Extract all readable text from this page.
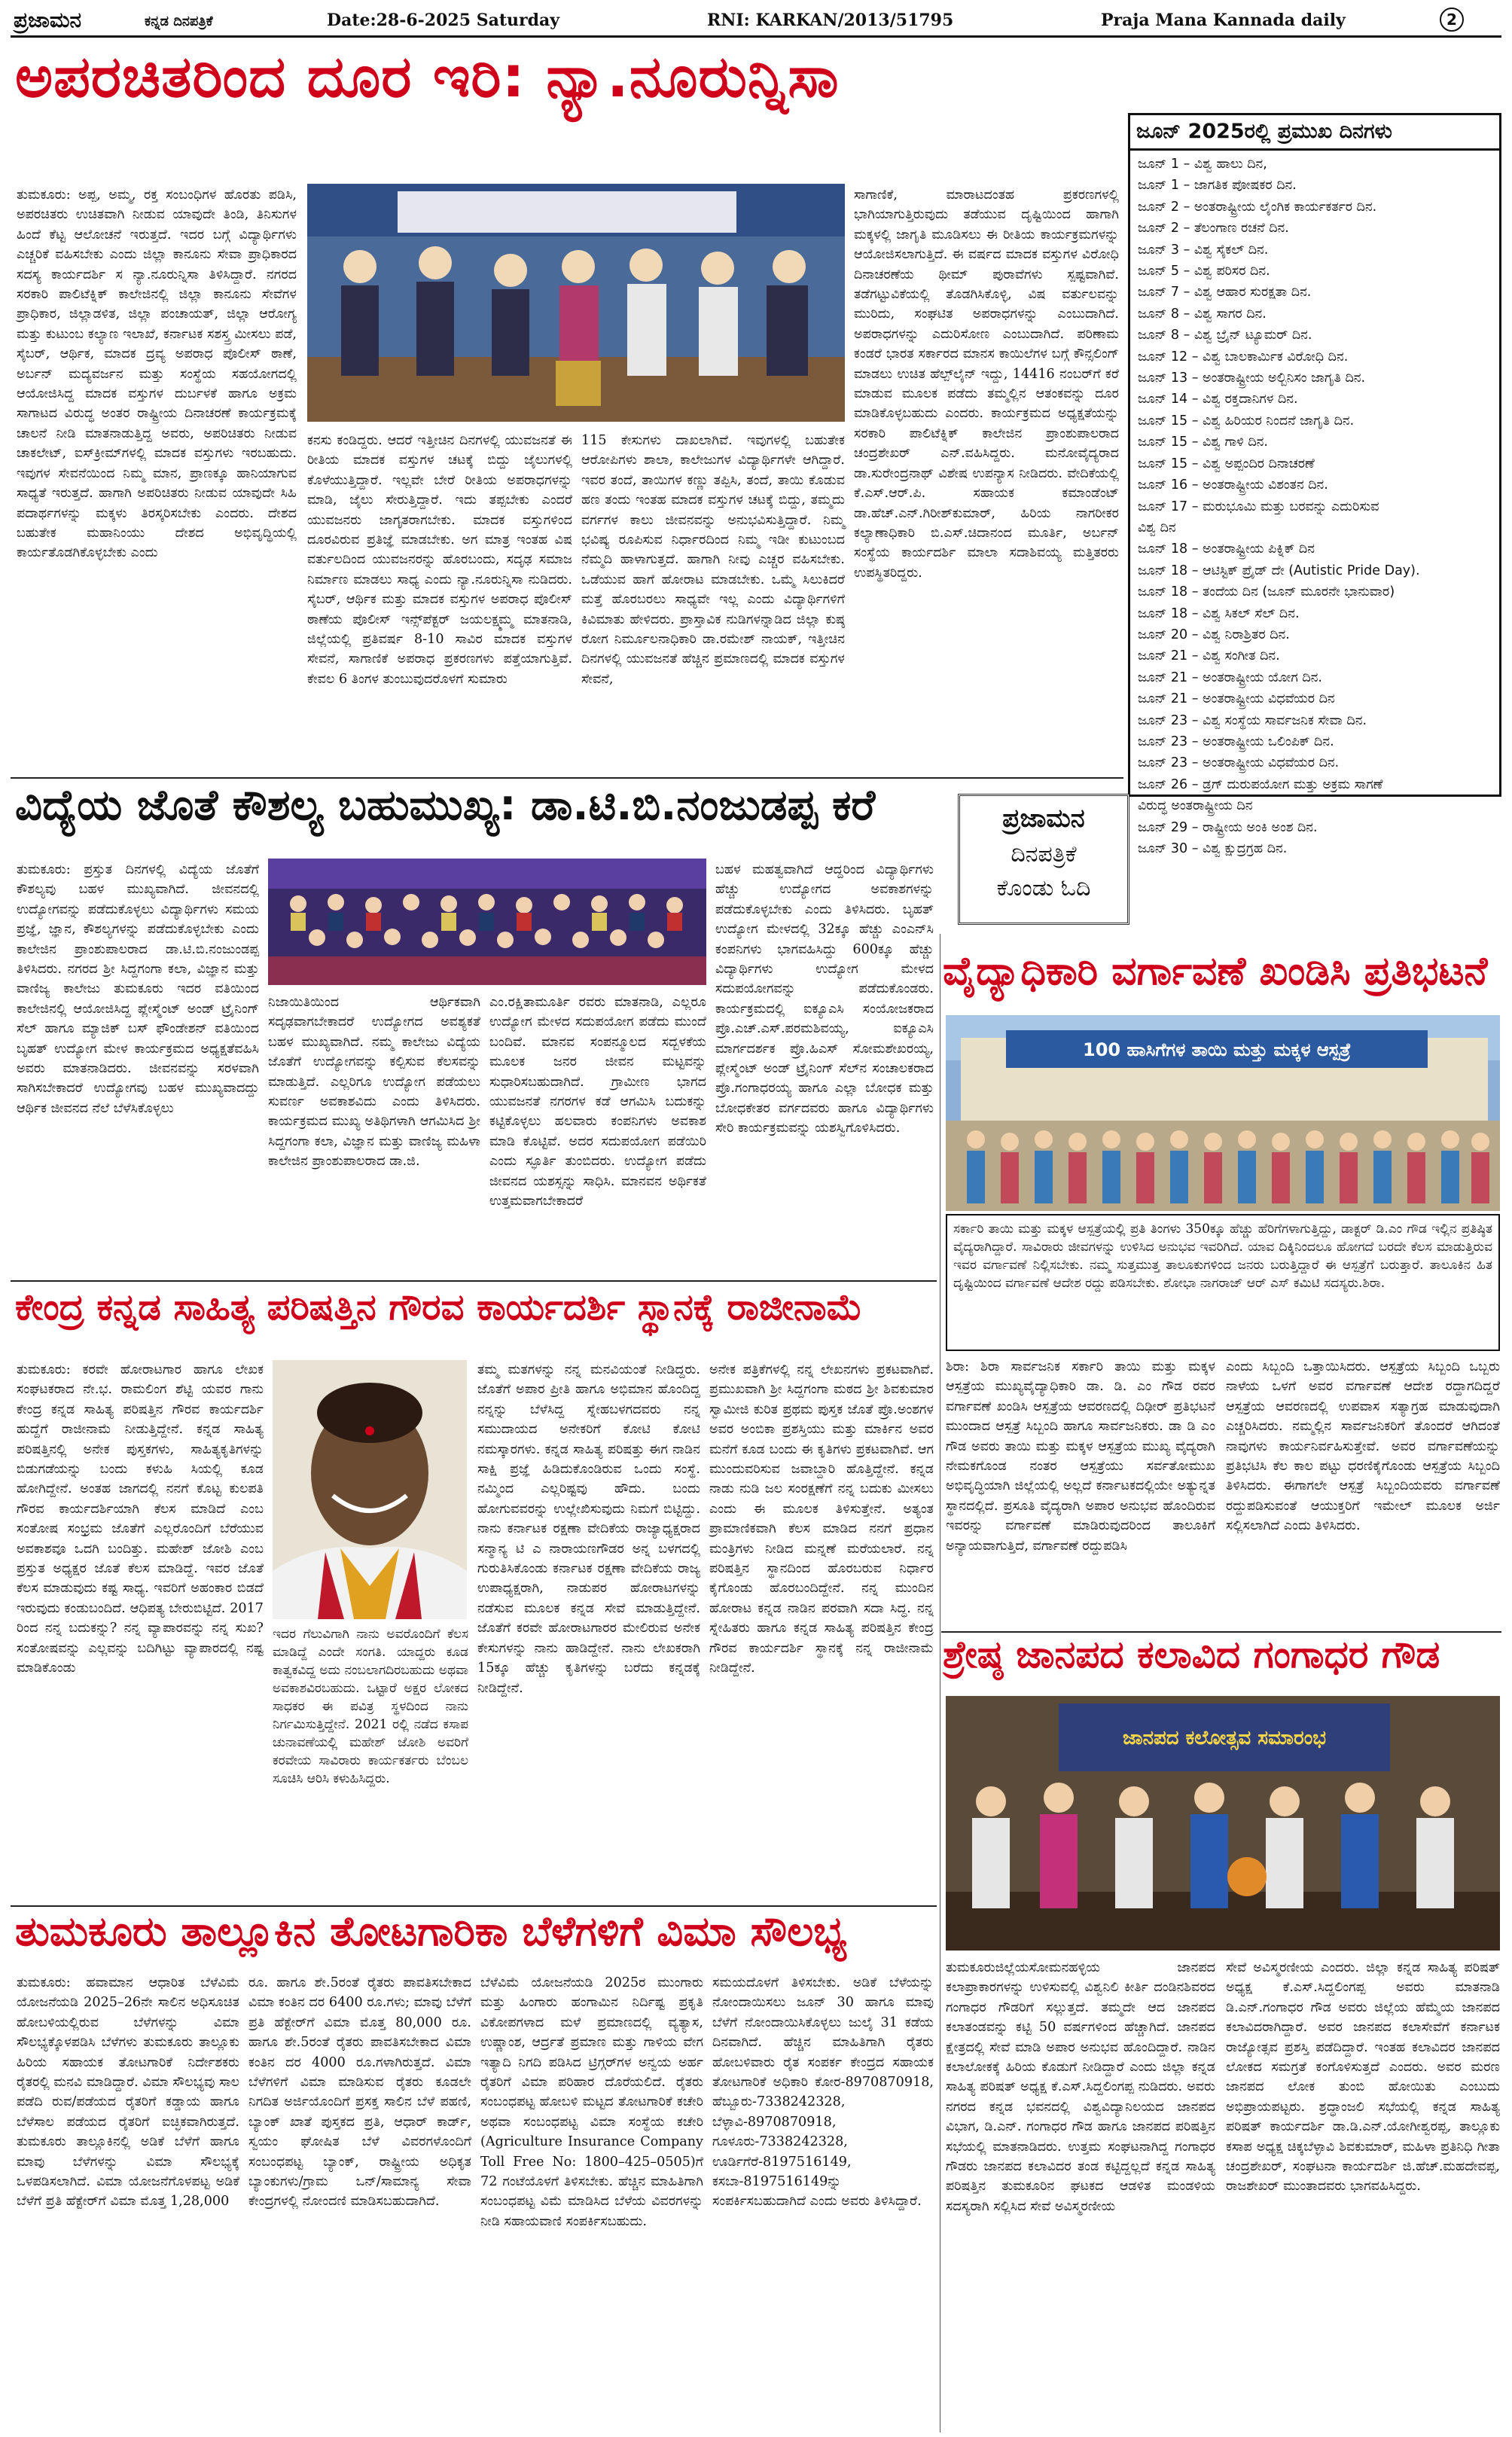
ಪ್ರಜಾಮನ	ಕನ್ನಡ ದಿನಪತ್ರಿಕೆ	Date:28-6-2025 Saturday	RNI: KARKAN/2013/51795	Praja Mana Kannada daily	2
ಅಪರಚಿತರಿಂದ ದೂರ ಇರಿ: ನ್ಯಾ.ನೂರುನ್ನಿಸಾ

ತುಮಕೂರು: ಅಪ್ಪ, ಅಮ್ಮ, ರಕ್ತ ಸಂಬಂಧಿಗಳ ಹೊರತು ಪಡಿಸಿ, ಅಪರಚಿತರು ಉಚಿತವಾಗಿ ನೀಡುವ ಯಾವುದೇ ತಿಂಡಿ, ತಿನಿಸುಗಳ ಹಿಂದೆ ಕೆಟ್ಟ ಆಲೋಚನೆ ಇರುತ್ತದೆ. ಇದರ ಬಗ್ಗೆ ವಿದ್ಯಾರ್ಥಿಗಳು ಎಚ್ಚರಿಕೆ ವಹಿಸಬೇಕು ಎಂದು ಜಿಲ್ಲಾ ಕಾನೂನು ಸೇವಾ ಪ್ರಾಧಿಕಾರದ ಸದಸ್ಯ ಕಾರ್ಯದರ್ಶಿ ಸ ನ್ಯಾ.ನೂರುನ್ನಿಸಾ ತಿಳಿಸಿದ್ದಾರೆ. ನಗರದ ಸರಕಾರಿ ಪಾಲಿಟೆಕ್ನಿಕ್ ಕಾಲೇಜಿನಲ್ಲಿ ಜಿಲ್ಲಾ ಕಾನೂನು ಸೇವೆಗಳ ಪ್ರಾಧಿಕಾರ, ಜಿಲ್ಲಾಡಳಿತ, ಜಿಲ್ಲಾ ಪಂಚಾಯತ್, ಜಿಲ್ಲಾ ಆರೋಗ್ಯ ಮತ್ತು ಕುಟುಂಬ ಕಲ್ಯಾಣ ಇಲಾಖೆ, ಕರ್ನಾಟಕ ಸಶಸ್ತ್ರ ಮೀಸಲು ಪಡೆ, ಸೈಬರ್, ಆರ್ಥಿಕ, ಮಾದಕ ದ್ರವ್ಯ ಅಪರಾಧ ಪೊಲೀಸ್ ಠಾಣೆ, ಅರ್ಬನ್ ಮದ್ಯವರ್ಜನ ಮತ್ತು ಸಂಸ್ಥೆಯ ಸಹಯೋಗದಲ್ಲಿ ಆಯೋಜಿಸಿದ್ದ ಮಾದಕ ವಸ್ತುಗಳ ದುರ್ಬಳಕೆ ಹಾಗೂ ಅಕ್ರಮ ಸಾಗಾಟದ ವಿರುದ್ಧ ಅಂತರ ರಾಷ್ಟ್ರೀಯ ದಿನಾಚರಣೆ ಕಾರ್ಯಕ್ರಮಕ್ಕೆ ಚಾಲನೆ ನೀಡಿ ಮಾತನಾಡುತ್ತಿದ್ದ ಅವರು, ಅಪರಿಚಿತರು ನೀಡುವ ಚಾಕಲೇಟ್, ಐಸ್‌ಕ್ರೀಮ್‌ಗಳಲ್ಲಿ ಮಾದಕ ವಸ್ತುಗಳು ಇರಬಹುದು. ಇವುಗಳ ಸೇವನೆಯಿಂದ ನಿಮ್ಮ ಮಾನ, ಪ್ರಾಣಕ್ಕೂ ಹಾನಿಯಾಗುವ ಸಾಧ್ಯತೆ ಇರುತ್ತದೆ. ಹಾಗಾಗಿ ಅಪರಿಚಿತರು ನೀಡುವ ಯಾವುದೇ ಸಿಹಿ ಪದಾರ್ಥಗಳನ್ನು ಮಕ್ಕಳು ತಿರಸ್ಕರಿಸಬೇಕು ಎಂದರು. ದೇಶದ ಬಹುತೇಕ ಮಹಾನಿಂಯು ದೇಶದ ಅಭಿವೃದ್ಧಿಯಲ್ಲಿ ಕಾರ್ಯತೊಡಗಿಕೊಳ್ಳಬೇಕು ಎಂದು

ಕನಸು ಕಂಡಿದ್ದರು. ಆದರೆ ಇತ್ತೀಚಿನ ದಿನಗಳಲ್ಲಿ ಯುವಜನತೆ ಈ ರೀತಿಯ ಮಾದಕ ವಸ್ತುಗಳ ಚಟಕ್ಕೆ ಬಿದ್ದು ಜೈಲುಗಳಲ್ಲಿ ಕೊಳೆಯುತ್ತಿದ್ದಾರೆ. ಇಲ್ಲವೇ ಬೇರೆ ರೀತಿಯ ಅಪರಾಧಗಳನ್ನು ಮಾಡಿ, ಜೈಲು ಸೇರುತ್ತಿದ್ದಾರೆ. ಇದು ತಪ್ಪಬೇಕು ಎಂದರೆ ಯುವಜನರು ಜಾಗೃತರಾಗಬೇಕು. ಮಾದಕ ವಸ್ತುಗಳಿಂದ ದೂರವಿರುವ ಪ್ರತಿಜ್ಞೆ ಮಾಡಬೇಕು. ಅಗ ಮಾತ್ರ ಇಂತಹ ವಿಷ ವರ್ತುಲದಿಂದ ಯುವಜನರನ್ನು ಹೊರಬಂದು, ಸದೃಢ ಸಮಾಜ ನಿರ್ಮಾಣ ಮಾಡಲು ಸಾಧ್ಯ ಎಂದು ನ್ಯಾ.ನೂರುನ್ನಿಸಾ ನುಡಿದರು. ಸೈಬರ್, ಆರ್ಥಿಕ ಮತ್ತು ಮಾದಕ ವಸ್ತುಗಳ ಅಪರಾಧ ಪೊಲೀಸ್ ಠಾಣೆಯ ಪೊಲೀಸ್ ಇನ್ಸ್‌ಪೆಕ್ಟರ್ ಜಯಲಕ್ಷ್ಮಮ್ಮ ಮಾತನಾಡಿ, ಜಿಲ್ಲೆಯಲ್ಲಿ ಪ್ರತಿವರ್ಷ 8-10 ಸಾವಿರ ಮಾದಕ ವಸ್ತುಗಳ ಸೇವನೆ, ಸಾಗಾಣಿಕೆ ಅಪರಾಧ ಪ್ರಕರಣಗಳು ಪತ್ತೆಯಾಗುತ್ತಿವೆ. ಕೇವಲ 6 ತಿಂಗಳ ತುಂಬುವುದರೊಳಗೆ ಸುಮಾರು

115 ಕೇಸುಗಳು ದಾಖಲಾಗಿವೆ. ಇವುಗಳಲ್ಲಿ ಬಹುತೇಕ ಆರೋಪಿಗಳು ಶಾಲಾ, ಕಾಲೇಜುಗಳ ವಿದ್ಯಾರ್ಥಿಗಳೇ ಆಗಿದ್ದಾರೆ. ಇವರ ತಂದೆ, ತಾಯಿಗಳ ಕಣ್ಣು ತಪ್ಪಿಸಿ, ತಂದೆ, ತಾಯಿ ಕೊಡುವ ಹಣ ತಂದು ಇಂತಹ ಮಾದಕ ವಸ್ತುಗಳ ಚಟಕ್ಕೆ ಬಿದ್ದು, ತಮ್ಮದು ವರ್ಗಗಳ ಕಾಲು ಜೀವನವನ್ನು ಅನುಭವಿಸುತ್ತಿದ್ದಾರೆ. ನಿಮ್ಮ ಭವಿಷ್ಯ ರೂಪಿಸುವ ನಿರ್ಧಾರದಿಂದ ನಿಮ್ಮ ಇಡೀ ಕುಟುಂಬದ ನೆಮ್ಮದಿ ಹಾಳಾಗುತ್ತದೆ. ಹಾಗಾಗಿ ನೀವು ಎಚ್ಚರ ವಹಿಸಬೇಕು. ಒಡೆಯುವ ಹಾಗೆ ಹೋರಾಟ ಮಾಡಬೇಕು. ಒಮ್ಮೆ ಸಿಲುಕಿದರೆ ಮತ್ತೆ ಹೊರಬರಲು ಸಾಧ್ಯವೇ ಇಲ್ಲ ಎಂದು ವಿದ್ಯಾರ್ಥಿಗಳಿಗೆ ಕಿವಿಮಾತು ಹೇಳಿದರು. ಪ್ರಾಸ್ತಾವಿಕ ನುಡಿಗಳನ್ನಾಡಿದ ಜಿಲ್ಲಾ ಕುಷ್ಠ ರೋಗ ನಿರ್ಮೂಲನಾಧಿಕಾರಿ ಡಾ.ರಮೇಶ್ ನಾಯಕ್, ಇತ್ತೀಚಿನ ದಿನಗಳಲ್ಲಿ ಯುವಜನತೆ ಹೆಚ್ಚಿನ ಪ್ರಮಾಣದಲ್ಲಿ ಮಾದಕ ವಸ್ತುಗಳ ಸೇವನೆ,

ಸಾಗಾಣಿಕೆ, ಮಾರಾಟದಂತಹ ಪ್ರಕರಣಗಳಲ್ಲಿ ಭಾಗಿಯಾಗುತ್ತಿರುವುದು ತಡೆಯುವ ದೃಷ್ಟಿಯಿಂದ ಹಾಗಾಗಿ ಮಕ್ಕಳಲ್ಲಿ ಜಾಗೃತಿ ಮೂಡಿಸಲು ಈ ರೀತಿಯ ಕಾರ್ಯಕ್ರಮಗಳನ್ನು ಆಯೋಜಿಸಲಾಗುತ್ತಿದೆ. ಈ ವರ್ಷದ ಮಾದಕ ವಸ್ತುಗಳ ವಿರೋಧಿ ದಿನಾಚರಣೆಯ ಥೀಮ್ ಪುರಾವೆಗಳು ಸ್ಪಷ್ಟವಾಗಿವೆ. ತಡೆಗಟ್ಟುವಿಕೆಯಲ್ಲಿ ತೊಡಗಿಸಿಕೊಳ್ಳಿ, ವಿಷ ವರ್ತುಲವನ್ನು ಮುರಿದು, ಸಂಘಟಿತ ಅಪರಾಧಗಳನ್ನು ಎಂಬುದಾಗಿದೆ. ಅಪರಾಧಗಳನ್ನು ಎದುರಿಸೋಣ ಎಂಬುದಾಗಿದೆ. ಪರಿಣಾಮ ಕಂಡರೆ ಭಾರತ ಸರ್ಕಾರದ ಮಾನಸ ಕಾಯಿಲೆಗಳ ಬಗ್ಗೆ ಕೌನ್ಸಲಿಂಗ್ ಮಾಡಲು ಉಚಿತ ಹೆಲ್ಪ್‌ಲೈನ್ ಇದ್ದು, 14416 ನಂಬರ್‌ಗೆ ಕರೆ ಮಾಡುವ ಮೂಲಕ ಪಡೆದು ತಮ್ಮಲ್ಲಿನ ಆತಂಕವನ್ನು ದೂರ ಮಾಡಿಕೊಳ್ಳಬಹುದು ಎಂದರು. ಕಾರ್ಯಕ್ರಮದ ಅಧ್ಯಕ್ಷತೆಯನ್ನು ಸರಕಾರಿ ಪಾಲಿಟೆಕ್ನಿಕ್ ಕಾಲೇಜಿನ ಪ್ರಾಂಶುಪಾಲರಾದ ಚಂದ್ರಶೇಖರ್ ಎನ್.ವಹಿಸಿದ್ದರು. ಮನೋವೈದ್ಯರಾದ ಡಾ.ಸುರೇಂದ್ರನಾಥ್ ವಿಶೇಷ ಉಪನ್ಯಾಸ ನೀಡಿದರು. ವೇದಿಕೆಯಲ್ಲಿ ಕೆ.ಎಸ್.ಆರ್.ಪಿ. ಸಹಾಯಕ ಕಮಾಂಡೆಂಟ್ ಡಾ.ಹೆಚ್.ಎನ್.ಗಿರೀಶ್‌ಕುಮಾರ್, ಹಿರಿಯ ನಾಗರೀಕರ ಕಲ್ಯಾಣಾಧಿಕಾರಿ ಬಿ.ಎಸ್.ಚಿದಾನಂದ ಮೂರ್ತಿ, ಅರ್ಬನ್ ಸಂಸ್ಥೆಯ ಕಾರ್ಯದರ್ಶಿ ಮಾಲಾ ಸದಾಶಿವಯ್ಯ ಮತ್ತಿತರರು ಉಪಸ್ಥಿತರಿದ್ದರು.

ಜೂನ್ 2025ರಲ್ಲಿ ಪ್ರಮುಖ ದಿನಗಳು
ಜೂನ್ 1 – ವಿಶ್ವ ಹಾಲು ದಿನ,
ಜೂನ್ 1 – ಜಾಗತಿಕ ಪೋಷಕರ ದಿನ.
ಜೂನ್ 2 – ಅಂತರಾಷ್ಟ್ರೀಯ ಲೈಂಗಿಕ ಕಾರ್ಯಕರ್ತರ ದಿನ.
ಜೂನ್ 2 – ತೆಲಂಗಾಣ ರಚನೆ ದಿನ.
ಜೂನ್ 3 – ವಿಶ್ವ ಸೈಕಲ್ ದಿನ.
ಜೂನ್ 5 – ವಿಶ್ವ ಪರಿಸರ ದಿನ.
ಜೂನ್ 7 – ವಿಶ್ವ ಆಹಾರ ಸುರಕ್ಷತಾ ದಿನ.
ಜೂನ್ 8 – ವಿಶ್ವ ಸಾಗರ ದಿನ.
ಜೂನ್ 8 – ವಿಶ್ವ ಬ್ರೈನ್ ಟ್ಯೂಮರ್ ದಿನ.
ಜೂನ್ 12 – ವಿಶ್ವ ಬಾಲಕಾರ್ಮಿಕ ವಿರೋಧಿ ದಿನ.
ಜೂನ್ 13 – ಅಂತರಾಷ್ಟ್ರೀಯ ಅಲ್ಬಿನಿಸಂ ಜಾಗೃತಿ ದಿನ.
ಜೂನ್ 14 – ವಿಶ್ವ ರಕ್ತದಾನಿಗಳ ದಿನ.
ಜೂನ್ 15 – ವಿಶ್ವ ಹಿರಿಯರ ನಿಂದನೆ ಜಾಗೃತಿ ದಿನ.
ಜೂನ್ 15 – ವಿಶ್ವ ಗಾಳಿ ದಿನ.
ಜೂನ್ 15 – ವಿಶ್ವ ಅಪ್ಪಂದಿರ ದಿನಾಚರಣೆ
ಜೂನ್ 16 – ಅಂತರಾಷ್ಟ್ರೀಯ ವಿಶಂತನ ದಿನ.
ಜೂನ್ 17 – ಮರುಭೂಮಿ ಮತ್ತು ಬರವನ್ನು ಎದುರಿಸುವ
ವಿಶ್ವ ದಿನ
ಜೂನ್ 18 – ಅಂತರಾಷ್ಟ್ರೀಯ ಪಿಕ್ನಿಕ್ ದಿನ
ಜೂನ್ 18 – ಆಟಿಸ್ಟಿಕ್ ಪ್ರೈಡ್ ದೇ (Autistic Pride Day).
ಜೂನ್ 18 – ತಂದೆಯ ದಿನ (ಜೂನ್ ಮೂರನೇ ಭಾನುವಾರ)
ಜೂನ್ 18 – ವಿಶ್ವ ಸಿಕಲ್ ಸೆಲ್ ದಿನ.
ಜೂನ್ 20 – ವಿಶ್ವ ನಿರಾಶ್ರಿತರ ದಿನ.
ಜೂನ್ 21 – ವಿಶ್ವ ಸಂಗೀತ ದಿನ.
ಜೂನ್ 21 – ಅಂತರಾಷ್ಟ್ರೀಯ ಯೋಗ ದಿನ.
ಜೂನ್ 21 – ಅಂತರಾಷ್ಟ್ರೀಯ ವಿಧವೆಯರ ದಿನ
ಜೂನ್ 23 – ವಿಶ್ವ ಸಂಸ್ಥೆಯ ಸಾರ್ವಜನಿಕ ಸೇವಾ ದಿನ.
ಜೂನ್ 23 – ಅಂತರಾಷ್ಟ್ರೀಯ ಒಲಿಂಪಿಕ್ ದಿನ.
ಜೂನ್ 23 – ಅಂತರಾಷ್ಟ್ರೀಯ ವಿಧವೆಯರ ದಿನ.
ಜೂನ್ 26 – ಡ್ರಗ್ ದುರುಪಯೋಗ ಮತ್ತು ಅಕ್ರಮ ಸಾಗಣೆ
ವಿರುದ್ಧ ಅಂತರಾಷ್ಟ್ರೀಯ ದಿನ
ಜೂನ್ 29 – ರಾಷ್ಟ್ರೀಯ ಅಂಕಿ ಅಂಶ ದಿನ.
ಜೂನ್ 30 – ವಿಶ್ವ ಕ್ಷುದ್ರಗ್ರಹ ದಿನ.
ವಿದ್ಯೆಯ ಜೊತೆ ಕೌಶಲ್ಯ ಬಹುಮುಖ್ಯ: ಡಾ.ಟಿ.ಬಿ.ನಂಜುಡಪ್ಪ ಕರೆ	ಪ್ರಜಾಮನ
ದಿನಪತ್ರಿಕೆ
ಕೊಂಡು ಓದಿ

ತುಮಕೂರು: ಪ್ರಸ್ತುತ ದಿನಗಳಲ್ಲಿ ವಿದ್ಯೆಯ ಜೊತೆಗೆ ಕೌಶಲ್ಯವು ಬಹಳ ಮುಖ್ಯವಾಗಿದೆ. ಜೀವನದಲ್ಲಿ ಉದ್ಯೋಗವನ್ನು ಪಡೆದುಕೊಳ್ಳಲು ವಿದ್ಯಾರ್ಥಿಗಳು ಸಮಯ ಪ್ರಜ್ಞೆ, ಜ್ಞಾನ, ಕೌಶಲ್ಯಗಳನ್ನು ಪಡೆದುಕೊಳ್ಳಬೇಕು ಎಂದು ಕಾಲೇಜಿನ ಪ್ರಾಂಶುಪಾಲರಾದ ಡಾ.ಟಿ.ಬಿ.ನಂಜುಂಡಪ್ಪ ತಿಳಿಸಿದರು. ನಗರದ ಶ್ರೀ ಸಿದ್ದಗಂಗಾ ಕಲಾ, ವಿಜ್ಞಾನ ಮತ್ತು ವಾಣಿಜ್ಯ ಕಾಲೇಜು ತುಮಕೂರು ಇದರ ವತಿಯಿಂದ ಕಾಲೇಜಿನಲ್ಲಿ ಆಯೋಜಿಸಿದ್ದ ಪ್ಲೇಸ್ಮೆಂಟ್ ಅಂಡ್ ಟ್ರೈನಿಂಗ್ ಸೆಲ್ ಹಾಗೂ ಮ್ಯಾಜಿಕ್ ಬಸ್ ಫೌಂಡೇಶನ್ ವತಿಯಿಂದ ಬೃಹತ್ ಉದ್ಯೋಗ ಮೇಳ ಕಾರ್ಯಕ್ರಮದ ಅಧ್ಯಕ್ಷತೆವಹಿಸಿ ಅವರು ಮಾತನಾಡಿದರು. ಜೀವನವನ್ನು ಸರಳವಾಗಿ ಸಾಗಿಸಬೇಕಾದರೆ ಉದ್ಯೋಗವು ಬಹಳ ಮುಖ್ಯವಾದದ್ದು ಆರ್ಥಿಕ ಜೀವನದ ನೆಲೆ ಬೆಳೆಸಿಕೊಳ್ಳಲು

ನಿಜಾಯಿತಿಯಿಂದ ಆರ್ಥಿಕವಾಗಿ ಸದೃಢವಾಗಬೇಕಾದರೆ ಉದ್ಯೋಗದ ಅವಶ್ಯಕತೆ ಬಹಳ ಮುಖ್ಯವಾಗಿದೆ. ನಮ್ಮ ಕಾಲೇಜು ವಿದ್ಯೆಯ ಜೊತೆಗೆ ಉದ್ಯೋಗವನ್ನು ಕಲ್ಪಿಸುವ ಕೆಲಸವನ್ನು ಮಾಡುತ್ತಿದೆ. ಎಲ್ಲರಿಗೂ ಉದ್ಯೋಗ ಪಡೆಯಲು ಸುವರ್ಣ ಅವಕಾಶವಿದು ಎಂದು ತಿಳಿಸಿದರು. ಕಾರ್ಯಕ್ರಮದ ಮುಖ್ಯ ಅತಿಥಿಗಳಾಗಿ ಆಗಮಿಸಿದ ಶ್ರೀ ಸಿದ್ದಗಂಗಾ ಕಲಾ, ವಿಜ್ಞಾನ ಮತ್ತು ವಾಣಿಜ್ಯ ಮಹಿಳಾ ಕಾಲೇಜಿನ ಪ್ರಾಂಶುಪಾಲರಾದ ಡಾ.ಜಿ.

ಎಂ.ರಕ್ಷಿತಾಮೂರ್ತಿ ರವರು ಮಾತನಾಡಿ, ಎಲ್ಲರೂ ಉದ್ಯೋಗ ಮೇಳದ ಸದುಪಯೋಗ ಪಡೆದು ಮುಂದೆ ಬಂದಿವೆ. ಮಾನವ ಸಂಪನ್ಮೂಲದ ಸದ್ಬಳಕೆಯ ಮೂಲಕ ಜನರ ಜೀವನ ಮಟ್ಟವನ್ನು ಸುಧಾರಿಸಬಹುದಾಗಿದೆ. ಗ್ರಾಮೀಣ ಭಾಗದ ಯುವಜನತೆ ನಗರಗಳ ಕಡೆ ಆಗಮಿಸಿ ಬದುಕನ್ನು ಕಟ್ಟಿಕೊಳ್ಳಲು ಹಲವಾರು ಕಂಪನಿಗಳು ಅವಕಾಶ ಮಾಡಿ ಕೊಟ್ಟಿವೆ. ಅದರ ಸದುಪಯೋಗ ಪಡೆಯಿರಿ ಎಂದು ಸ್ಫೂರ್ತಿ ತುಂಬಿದರು. ಉದ್ಯೋಗ ಪಡೆದು ಜೀವನದ ಯಶಸ್ಸನ್ನು ಸಾಧಿಸಿ. ಮಾನವನ ಅರ್ಥಿಕತೆ ಉತ್ತಮವಾಗಬೇಕಾದರೆ

ಬಹಳ ಮಹತ್ವವಾಗಿದೆ ಆದ್ದರಿಂದ ವಿದ್ಯಾರ್ಥಿಗಳು ಹೆಚ್ಚು ಉದ್ಯೋಗದ ಅವಕಾಶಗಳನ್ನು ಪಡೆದುಕೊಳ್ಳಬೇಕು ಎಂದು ತಿಳಿಸಿದರು. ಬೃಹತ್ ಉದ್ಯೋಗ ಮೇಳದಲ್ಲಿ 32ಕ್ಕೂ ಹೆಚ್ಚು ಎಂಎನ್‌ಸಿ ಕಂಪನಿಗಳು ಭಾಗವಹಿಸಿದ್ದು 600ಕ್ಕೂ ಹೆಚ್ಚು ವಿದ್ಯಾರ್ಥಿಗಳು ಉದ್ಯೋಗ ಮೇಳದ ಸದುಪಯೋಗವನ್ನು ಪಡೆದುಕೊಂಡರು. ಕಾರ್ಯಕ್ರಮದಲ್ಲಿ ಐಕ್ಯೂಎಸಿ ಸಂಯೋಜಕರಾದ ಪ್ರೊ.ಎಚ್.ಎಸ್.ಪರಮಶಿವಯ್ಯ, ಐಕ್ಯೂಎಸಿ ಮಾರ್ಗದರ್ಶಕ ಪ್ರೊ.ಹಿಎಸ್ ಸೋಮಶೇಖರಯ್ಯ, ಪ್ಲೇಸ್ಮೆಂಟ್ ಅಂಡ್ ಟ್ರೈನಿಂಗ್ ಸೆಲ್‌ನ ಸಂಚಾಲಕರಾದ ಪ್ರೊ.ಗಂಗಾಧರಯ್ಯ ಹಾಗೂ ಎಲ್ಲಾ ಬೋಧಕ ಮತ್ತು ಬೋಧಕೇತರ ವರ್ಗದವರು ಹಾಗೂ ವಿದ್ಯಾರ್ಥಿಗಳು ಸೇರಿ ಕಾರ್ಯಕ್ರಮವನ್ನು ಯಶಸ್ವಿಗೊಳಿಸಿದರು.

ವೈದ್ಯಾಧಿಕಾರಿ ವರ್ಗಾವಣೆ ಖಂಡಿಸಿ ಪ್ರತಿಭಟನೆ
100 ಹಾಸಿಗೆಗಳ ತಾಯಿ ಮತ್ತು ಮಕ್ಕಳ ಆಸ್ಪತ್ರೆ
ಸರ್ಕಾರಿ ತಾಯಿ ಮತ್ತು ಮಕ್ಕಳ ಆಸ್ಪತ್ರೆಯಲ್ಲಿ ಪ್ರತಿ ತಿಂಗಳು 350ಕ್ಕೂ ಹೆಚ್ಚು ಹೆರಿಗೆಗಳಾಗುತ್ತಿದ್ದು, ಡಾಕ್ಟರ್ ಡಿ.ಎಂ ಗೌಡ ಇಲ್ಲಿನ ಪ್ರತಿಷ್ಠಿತ ವೈದ್ಯರಾಗಿದ್ದಾರೆ. ಸಾವಿರಾರು ಜೀವಗಳನ್ನು ಉಳಿಸಿದ ಅನುಭವ ಇವರಿಗಿದೆ. ಯಾವ ದಿಕ್ಕಿನಿಂದಲೂ ಹೋಗದೆ ಬರದೇ ಕೆಲಸ ಮಾಡುತ್ತಿರುವ ಇವರ ವರ್ಗಾವಣೆ ನಿಲ್ಲಿಸಬೇಕು. ನಮ್ಮ ಸುತ್ತಮುತ್ತ ತಾಲೂಕುಗಳಿಂದ ಜನರು ಬರುತ್ತಿದ್ದಾರೆ ಈ ಆಸ್ಪತ್ರೆಗೆ ಬರುತ್ತಾರೆ. ತಾಲೂಕಿನ ಹಿತ ದೃಷ್ಟಿಯಿಂದ ವರ್ಗಾವಣೆ ಆದೇಶ ರದ್ದು ಪಡಿಸಬೇಕು. ಶೋಭಾ ನಾಗರಾಜ್ ಆರ್ ಎಸ್ ಕಮಿಟಿ ಸದಸ್ಯರು.ಶಿರಾ.

ಶಿರಾ: ಶಿರಾ ಸಾರ್ವಜನಿಕ ಸರ್ಕಾರಿ ತಾಯಿ ಮತ್ತು ಮಕ್ಕಳ ಆಸ್ಪತ್ರೆಯ ಮುಖ್ಯವೈದ್ಯಾಧಿಕಾರಿ ಡಾ. ಡಿ. ಎಂ ಗೌಡ ರವರ ವರ್ಗಾವಣೆ ಖಂಡಿಸಿ ಆಸ್ಪತ್ರೆಯ ಆವರಣದಲ್ಲಿ ದಿಢೀರ್ ಪ್ರತಿಭಟನೆ ಮುಂದಾದ ಆಸ್ಪತ್ರೆ ಸಿಬ್ಬಂದಿ ಹಾಗೂ ಸಾರ್ವಜನಿಕರು. ಡಾ ಡಿ ಎಂ ಗೌಡ ಅವರು ತಾಯಿ ಮತ್ತು ಮಕ್ಕಳ ಆಸ್ಪತ್ರೆಯ ಮುಖ್ಯ ವೈದ್ಯರಾಗಿ ನೇಮಕಗೊಂಡ ನಂತರ ಆಸ್ಪತ್ರೆಯು ಸರ್ವತೋಮುಖ ಅಭಿವೃದ್ಧಿಯಾಗಿ ಜಿಲ್ಲೆಯಲ್ಲಿ ಅಲ್ಲದೆ ಕರ್ನಾಟಕದಲ್ಲಿಯೇ ಅತ್ಯುನ್ನತ ಸ್ಥಾನದಲ್ಲಿದೆ. ಪ್ರಸೂತಿ ವೈದ್ಯರಾಗಿ ಅಪಾರ ಅನುಭವ ಹೊಂದಿರುವ ಇವರನ್ನು ವರ್ಗಾವಣೆ ಮಾಡಿರುವುದರಿಂದ ತಾಲೂಕಿಗೆ ಅನ್ಯಾಯವಾಗುತ್ತಿದೆ, ವರ್ಗಾವಣೆ ರದ್ದುಪಡಿಸಿ

ಎಂದು ಸಿಬ್ಬಂದಿ ಒತ್ತಾಯಿಸಿದರು. ಆಸ್ಪತ್ರೆಯ ಸಿಬ್ಬಂದಿ ಒಬ್ಬರು ನಾಳೆಯ ಒಳಗೆ ಅವರ ವರ್ಗಾವಣೆ ಆದೇಶ ರದ್ದಾಗದಿದ್ದರೆ ಆಸ್ಪತ್ರೆಯ ಆವರಣದಲ್ಲಿ ಉಪವಾಸ ಸತ್ಯಾಗ್ರಹ ಮಾಡುವುದಾಗಿ ಎಚ್ಚರಿಸಿದರು. ನಮ್ಮಲ್ಲಿನ ಸಾರ್ವಜನಿಕರಿಗೆ ತೊಂದರೆ ಆಗಿದಂತೆ ನಾವುಗಳು ಕಾರ್ಯನಿರ್ವಹಿಸುತ್ತೇವೆ. ಅವರ ವರ್ಗಾವಣೆಯನ್ನು ಪ್ರತಿಭಟಿಸಿ ಕೆಲ ಕಾಲ ಪಟ್ಟು ಧರಣಿಕೈಗೊಂಡು ಆಸ್ಪತ್ರೆಯ ಸಿಬ್ಬಂದಿ ತಿಳಿಸಿದರು. ಈಗಾಗಲೇ ಆಸ್ಪತ್ರೆ ಸಿಬ್ಬಂದಿಯವರು ವರ್ಗಾವಣೆ ರದ್ದುಪಡಿಸುವಂತೆ ಆಯುಕ್ತರಿಗೆ ಇಮೇಲ್ ಮೂಲಕ ಅರ್ಜಿ ಸಲ್ಲಿಸಲಾಗಿದೆ ಎಂದು ತಿಳಿಸಿದರು.

ಕೇಂದ್ರ ಕನ್ನಡ ಸಾಹಿತ್ಯ ಪರಿಷತ್ತಿನ ಗೌರವ ಕಾರ್ಯದರ್ಶಿ ಸ್ಥಾನಕ್ಕೆ ರಾಜೀನಾಮೆ

ತುಮಕೂರು: ಕರವೇ ಹೋರಾಟಗಾರ ಹಾಗೂ ಲೇಖಕ ಸಂಘಟಕರಾದ ನೇ.ಭ. ರಾಮಲಿಂಗ ಶೆಟ್ಟಿ ಯವರ ಗಾನು ಕೇಂದ್ರ ಕನ್ನಡ ಸಾಹಿತ್ಯ ಪರಿಷತ್ತಿನ ಗೌರವ ಕಾರ್ಯದರ್ಶಿ ಹುದ್ದೆಗೆ ರಾಜೀನಾಮೆ ನೀಡುತ್ತಿದ್ದೇನೆ. ಕನ್ನಡ ಸಾಹಿತ್ಯ ಪರಿಷತ್ತಿನಲ್ಲಿ ಅನೇಕ ಪುಸ್ತಕಗಳು, ಸಾಹಿತ್ಯಕೃತಿಗಳನ್ನು ಬಿಡುಗಡೆಯನ್ನು ಬಂದು ಕಳುಹಿ ಸಿಯಲ್ಲಿ ಕೂಡ ಹೋಗಿದ್ದೇನೆ. ಅಂತಹ ಜಾಗದಲ್ಲಿ ನನಗೆ ಕೊಟ್ಟ ಕುಲಪತಿ ಗೌರವ ಕಾರ್ಯದರ್ಶಿಯಾಗಿ ಕೆಲಸ ಮಾಡಿದೆ ಎಂಬ ಸಂತೋಷ ಸಂಭ್ರಮ ಜೊತೆಗೆ ಎಲ್ಲರೊಂದಿಗೆ ಬೆರೆಯುವ ಅವಕಾಶವೂ ಒದಗಿ ಬಂದಿತ್ತು. ಮಹೇಶ್ ಜೋಶಿ ಎಂಬ ಪ್ರಸ್ತುತ ಅಧ್ಯಕ್ಷರ ಜೊತೆ ಕೆಲಸ ಮಾಡಿದ್ದೆ. ಇವರ ಜೊತೆ ಕೆಲಸ ಮಾಡುವುದು ಕಷ್ಟ ಸಾಧ್ಯ. ಇವರಿಗೆ ಅಹಂಕಾರ ಬಿಡದೆ ಇರುವುದು ಕಂಡುಬಂದಿದೆ. ಆಧಿಪತ್ಯ ಬೇರುಬಿಟ್ಟಿದೆ. 2017 ರಿಂದ ನನ್ನ ಬದುಕನ್ನು? ನನ್ನ ವ್ಯಾಪಾರವನ್ನು ನನ್ನ ಸುಖ? ಸಂತೋಷವನ್ನು ಎಲ್ಲವನ್ನು ಬದಿಗಿಟ್ಟು ವ್ಯಾಪಾರದಲ್ಲಿ ನಷ್ಟ ಮಾಡಿಕೊಂಡು

ಇದರ ಗೆಲುವಿಗಾಗಿ ನಾನು ಅವರೊಂದಿಗೆ ಕೆಲಸ ಮಾಡಿದ್ದೆ ಎಂದೇ ಸಂಗತಿ. ಯಾದ್ದರು ಕೂಡ ಕಾತ್ವಕವಿದ್ದ ಅದು ನಂಬಲಾಗದಿರಬಹುದು ಅಥವಾ ಅವಕಾಶವಿರಬಹುದು. ಒಟ್ಟಾರೆ ಅಕ್ಷರ ಲೋಕದ ಸಾಧಕರ ಈ ಪವಿತ್ರ ಸ್ಥಳದಿಂದ ನಾನು ನಿರ್ಗಮಿಸುತ್ತಿದ್ದೇನೆ. 2021 ರಲ್ಲಿ ನಡೆದ ಕಸಾಪ ಚುನಾವಣೆಯಲ್ಲಿ ಮಹೇಶ್ ಜೋಶಿ ಅವರಿಗೆ ಕರವೇಯ ಸಾವಿರಾರು ಕಾರ್ಯಕರ್ತರು ಬೆಂಬಲ ಸೂಚಿಸಿ ಆರಿಸಿ ಕಳುಹಿಸಿದ್ದರು.

ತಮ್ಮ ಮತಗಳನ್ನು ನನ್ನ ಮನವಿಯಂತೆ ನೀಡಿದ್ದರು. ಜೊತೆಗೆ ಅಪಾರ ಪ್ರೀತಿ ಹಾಗೂ ಅಭಿಮಾನ ಹೊಂದಿದ್ದ ನನ್ನನ್ನು ಬೆಳೆಸಿದ್ದ ಸ್ನೇಹಬಳಗದವರು ನನ್ನ ಸಮುದಾಯದ ಅನೇಕರಿಗೆ ಕೋಟಿ ಕೋಟಿ ನಮಸ್ಕಾರಗಳು. ಕನ್ನಡ ಸಾಹಿತ್ಯ ಪರಿಷತ್ತು ಈಗ ನಾಡಿನ ಸಾಕ್ಷಿ ಪ್ರಜ್ಞೆ ಹಿಡಿದುಕೊಂಡಿರುವ ಒಂದು ಸಂಸ್ಥೆ. ನಮ್ಮಿಂದ ಎಲ್ಲರಿಷ್ಟವು ಹೌದು. ಬಂದು ಹೋಗುವವರನ್ನು ಉಲ್ಲೇಖಿಸುವುದು ನಿಮಗೆ ಬಿಟ್ಟಿದ್ದು. ನಾನು ಕರ್ನಾಟಕ ರಕ್ಷಣಾ ವೇದಿಕೆಯ ರಾಜ್ಯಾಧ್ಯಕ್ಷರಾದ ಸನ್ಮಾನ್ಯ ಟಿ ಎ ನಾರಾಯಣಗೌಡರ ಅನ್ನ ಬಳಗದಲ್ಲಿ ಗುರುತಿಸಿಕೊಂಡು ಕರ್ನಾಟಕ ರಕ್ಷಣಾ ವೇದಿಕೆಯ ರಾಜ್ಯ ಉಪಾಧ್ಯಕ್ಷರಾಗಿ, ನಾಡುಪರ ಹೋರಾಟಗಳನ್ನು ನಡೆಸುವ ಮೂಲಕ ಕನ್ನಡ ಸೇವೆ ಮಾಡುತ್ತಿದ್ದೇನೆ. ಜೊತೆಗೆ ಕರವೇ ಹೋರಾಟಗಾರರ ಮೇಲಿರುವ ಅನೇಕ ಕೇಸುಗಳನ್ನು ನಾನು ಹಾಡಿದ್ದೇನೆ. ನಾನು ಲೇಖಕರಾಗಿ 15ಕ್ಕೂ ಹೆಚ್ಚು ಕೃತಿಗಳನ್ನು ಬರೆದು ಕನ್ನಡಕ್ಕೆ ನೀಡಿದ್ದೇನೆ.

ಅನೇಕ ಪತ್ರಿಕೆಗಳಲ್ಲಿ ನನ್ನ ಲೇಖನಗಳು ಪ್ರಕಟವಾಗಿವೆ. ಪ್ರಮುಖವಾಗಿ ಶ್ರೀ ಸಿದ್ದಗಂಗಾ ಮಠದ ಶ್ರೀ ಶಿವಕುಮಾರ ಸ್ವಾಮೀಜಿ ಕುರಿತ ಪ್ರಥಮ ಪುಸ್ತಕ ಜೊತೆ ಪ್ರೊ.ಅಂಶಗಳ ಅವರ ಅಂಬಿಕಾ ಪ್ರಶಸ್ತಿಯು ಮತ್ತು ಮಾರ್ಕಿನ ಅವರ ಮನೆಗೆ ಕೂಡ ಬಂದು ಈ ಕೃತಿಗಳು ಪ್ರಕಟವಾಗಿವೆ. ಆಗ ಮುಂದುವರಿಸುವ ಜವಾಬ್ದಾರಿ ಹೊತ್ತಿದ್ದೇನೆ. ಕನ್ನಡ ನಾಡು ನುಡಿ ಜಲ ಸಂರಕ್ಷಣೆಗೆ ನನ್ನ ಬದುಕು ಮೀಸಲು ಎಂದು ಈ ಮೂಲಕ ತಿಳಿಸುತ್ತೇನೆ. ಅತ್ಯಂತ ಪ್ರಾಮಾಣಿಕವಾಗಿ ಕೆಲಸ ಮಾಡಿದ ನನಗೆ ಪ್ರಧಾನ ಮಂತ್ರಿಗಳು ನೀಡಿದ ಮನ್ನಣೆ ಮರೆಯಲಾರೆ. ನನ್ನ ಪರಿಷತ್ತಿನ ಸ್ಥಾನದಿಂದ ಹೊರಬರುವ ನಿರ್ಧಾರ ಕೈಗೊಂಡು ಹೊರಬಂದಿದ್ದೇನೆ. ನನ್ನ ಮುಂದಿನ ಹೋರಾಟ ಕನ್ನಡ ನಾಡಿನ ಪರವಾಗಿ ಸದಾ ಸಿದ್ಧ. ನನ್ನ ಸ್ನೇಹಿತರು ಹಾಗೂ ಕನ್ನಡ ಸಾಹಿತ್ಯ ಪರಿಷತ್ತಿನ ಕೇಂದ್ರ ಗೌರವ ಕಾರ್ಯದರ್ಶಿ ಸ್ಥಾನಕ್ಕೆ ನನ್ನ ರಾಜೀನಾಮೆ ನೀಡಿದ್ದೇನೆ.	ಶ್ರೇಷ್ಠ ಜಾನಪದ ಕಲಾವಿದ ಗಂಗಾಧರ ಗೌಡ
ಜಾನಪದ ಕಲೋತ್ಸವ ಸಮಾರಂಭ

ತುಮಕೂರುಜಿಲ್ಲೆಯಸೋಮನಹಳ್ಳಿಯ ಜಾನಪದ ಕಲಾಪ್ರಾಕಾರಗಳನ್ನು ಉಳಿಸುವಲ್ಲಿ ವಿಶ್ವನಿಲಿ ಕೀರ್ತಿ ದಂಡಿನಶಿವರದ ಗಂಗಾಧರ ಗೌಡರಿಗೆ ಸಲ್ಲುತ್ತದೆ. ತಮ್ಮದೇ ಆದ ಜಾನಪದ ಕಲಾತಂಡವನ್ನು ಕಟ್ಟಿ 50 ವರ್ಷಗಳಿಂದ ಹೆಚ್ಚಾಗಿದೆ. ಜಾನಪದ ಕ್ಷೇತ್ರದಲ್ಲಿ ಸೇವೆ ಮಾಡಿ ಅಪಾರ ಅನುಭವ ಹೊಂದಿದ್ದಾರೆ. ನಾಡಿನ ಕಲಾಲೋಕಕ್ಕೆ ಹಿರಿಯ ಕೊಡುಗೆ ನೀಡಿದ್ದಾರೆ ಎಂದು ಜಿಲ್ಲಾ ಕನ್ನಡ ಸಾಹಿತ್ಯ ಪರಿಷತ್ ಅಧ್ಯಕ್ಷ ಕೆ.ಎಸ್.ಸಿದ್ದಲಿಂಗಪ್ಪ ನುಡಿದರು. ಅವರು ನಗರದ ಕನ್ನಡ ಭವನದಲ್ಲಿ ವಿಶ್ವವಿದ್ಯಾನಿಲಯದ ಜಾನಪದ ವಿಭಾಗ, ಡಿ.ಎನ್. ಗಂಗಾಧರ ಗೌಡ ಹಾಗೂ ಜಾನಪದ ಪರಿಷತ್ತಿನ ಸಭೆಯಲ್ಲಿ ಮಾತನಾಡಿದರು. ಉತ್ತಮ ಸಂಘಟನಾಗಿದ್ದ ಗಂಗಾಧರ ಗೌಡರು ಜಾನಪದ ಕಲಾವಿದರ ತಂಡ ಕಟ್ಟಿದ್ದಲ್ಲದೆ ಕನ್ನಡ ಸಾಹಿತ್ಯ ಪರಿಷತ್ತಿನ ತುಮಕೂರಿನ ಘಟಕದ ಆಡಳಿತ ಮಂಡಳಿಯ ಸದಸ್ಯರಾಗಿ ಸಲ್ಲಿಸಿದ ಸೇವೆ ಅವಿಸ್ಮರಣೀಯ

ಸೇವೆ ಅವಿಸ್ಮರಣೀಯ ಎಂದರು. ಜಿಲ್ಲಾ ಕನ್ನಡ ಸಾಹಿತ್ಯ ಪರಿಷತ್ ಅಧ್ಯಕ್ಷ ಕೆ.ಎಸ್.ಸಿದ್ದಲಿಂಗಪ್ಪ ಅವರು ಮಾತನಾಡಿ ಡಿ.ಎನ್.ಗಂಗಾಧರ ಗೌಡ ಅವರು ಜಿಲ್ಲೆಯ ಹೆಮ್ಮೆಯ ಜಾನಪದ ಕಲಾವಿದರಾಗಿದ್ದಾರೆ. ಅವರ ಜಾನಪದ ಕಲಾಸೇವೆಗೆ ಕರ್ನಾಟಕ ರಾಜ್ಯೋತ್ಸವ ಪ್ರಶಸ್ತಿ ಪಡೆದಿದ್ದಾರೆ. ಇಂತಹ ಕಲಾವಿದರ ಜಾನಪದ ಲೋಕದ ಸಮಗ್ರತೆ ಕಂಗೊಳಿಸುತ್ತದೆ ಎಂದರು. ಅವರ ಮರಣ ಜಾನಪದ ಲೋಕ ತುಂಬಿ ಹೋಯಿತು ಎಂಬುದು ಅಭಿಪ್ರಾಯಪಟ್ಟರು. ಶ್ರದ್ಧಾಂಜಲಿ ಸಭೆಯಲ್ಲಿ ಕನ್ನಡ ಸಾಹಿತ್ಯ ಪರಿಷತ್ ಕಾರ್ಯದರ್ಶಿ ಡಾ.ಡಿ.ಎನ್.ಯೋಗೀಶ್ವರಪ್ಪ, ತಾಲ್ಲೂಕು ಕಸಾಪ ಅಧ್ಯಕ್ಷ ಚಿಕ್ಕಬೆಳ್ಳಾವಿ ಶಿವಕುಮಾರ್, ಮಹಿಳಾ ಪ್ರತಿನಿಧಿ ಗೀತಾ ಚಂದ್ರಶೇಖರ್, ಸಂಘಟನಾ ಕಾರ್ಯದರ್ಶಿ ಜಿ.ಹೆಚ್.ಮಹದೇವಪ್ಪ, ರಾಜಶೇಖರ್ ಮುಂತಾದವರು ಭಾಗವಹಿಸಿದ್ದರು.

ತುಮಕೂರು ತಾಲ್ಲೂಕಿನ ತೋಟಗಾರಿಕಾ ಬೆಳೆಗಳಿಗೆ ವಿಮಾ ಸೌಲಭ್ಯ

ತುಮಕೂರು: ಹವಾಮಾನ ಆಧಾರಿತ ಬೆಳೆವಿಮೆ ಯೋಜನೆಯಡಿ 2025–26ನೇ ಸಾಲಿನ ಅಧಿಸೂಚಿತ ಹೋಬಳಿಯಲ್ಲಿರುವ ಬೆಳೆಗಳನ್ನು ವಿಮಾ ಸೌಲಭ್ಯಕ್ಕೊಳಪಡಿಸಿ ಬೆಳೆಗಳು ತುಮಕೂರು ತಾಲ್ಲೂಕು ಹಿರಿಯ ಸಹಾಯಕ ತೋಟಗಾರಿಕೆ ನಿರ್ದೇಶಕರು ರೈತರಲ್ಲಿ ಮನವಿ ಮಾಡಿದ್ದಾರೆ. ವಿಮಾ ಸೌಲಭ್ಯವು ಸಾಲ ಪಡೆದಿ ರುವ/ಪಡೆಯದ ರೈತರಿಗೆ ಕಡ್ಡಾಯ ಹಾಗೂ ಬೆಳೆಸಾಲ ಪಡೆಯದ ರೈತರಿಗೆ ಐಚ್ಛಿಕವಾಗಿರುತ್ತದೆ. ತುಮಕೂರು ತಾಲ್ಲೂಕಿನಲ್ಲಿ ಅಡಿಕೆ ಬೆಳೆಗೆ ಹಾಗೂ ಮಾವು ಬೆಳೆಗಳನ್ನು ವಿಮಾ ಸೌಲಭ್ಯಕ್ಕೆ ಒಳಪಡಿಸಲಾಗಿದೆ. ವಿಮಾ ಯೋಜನೆಗೊಳಪಟ್ಟ ಅಡಿಕೆ ಬೆಳೆಗೆ ಪ್ರತಿ ಹೆಕ್ಟೇರ್‌ಗೆ ವಿಮಾ ಮೊತ್ತ 1,28,000

ರೂ. ಹಾಗೂ ಶೇ.5ರಂತೆ ರೈತರು ಪಾವತಿಸಬೇಕಾದ ವಿಮಾ ಕಂತಿನ ದರ 6400 ರೂ.ಗಳು; ಮಾವು ಬೆಳೆಗೆ ಪ್ರತಿ ಹೆಕ್ಟೇರ್‌ಗೆ ವಿಮಾ ಮೊತ್ತ 80,000 ರೂ. ಹಾಗೂ ಶೇ.5ರಂತೆ ರೈತರು ಪಾವತಿಸಬೇಕಾದ ವಿಮಾ ಕಂತಿನ ದರ 4000 ರೂ.ಗಳಾಗಿರುತ್ತದೆ. ವಿಮಾ ಬೆಳೆಗಳಿಗೆ ವಿಮಾ ಮಾಡಿಸುವ ರೈತರು ಕೂಡಲೇ ನಿಗದಿತ ಅರ್ಜಿಯೊಂದಿಗೆ ಪ್ರಸಕ್ತ ಸಾಲಿನ ಬೆಳೆ ಪಹಣಿ, ಬ್ಯಾಂಕ್ ಖಾತೆ ಪುಸ್ತಕದ ಪ್ರತಿ, ಆಧಾರ್ ಕಾರ್ಡ್, ಸ್ವಯಂ ಘೋಷಿತ ಬೆಳೆ ವಿವರಗಳೊಂದಿಗೆ ಸಂಬಂಧಪಟ್ಟ ಬ್ಯಾಂಕ್, ರಾಷ್ಟ್ರೀಯ ಅಧಿಕೃತ ಬ್ಯಾಂಕುಗಳು/ಗ್ರಾಮ ಒನ್/ಸಾಮಾನ್ಯ ಸೇವಾ ಕೇಂದ್ರಗಳಲ್ಲಿ ನೋಂದಣಿ ಮಾಡಿಸಬಹುದಾಗಿದೆ.

ಬೆಳೆವಿಮೆ ಯೋಜನೆಯಡಿ 2025ರ ಮುಂಗಾರು ಮತ್ತು ಹಿಂಗಾರು ಹಂಗಾಮಿನ ನಿರ್ದಿಷ್ಟ ಪ್ರಕೃತಿ ವಿಕೋಪಗಳಾದ ಮಳೆ ಪ್ರಮಾಣದಲ್ಲಿ ವ್ಯತ್ಯಾಸ, ಉಷ್ಣಾಂಶ, ಆರ್ದ್ರತೆ ಪ್ರಮಾಣ ಮತ್ತು ಗಾಳಿಯ ವೇಗ ಇತ್ಯಾದಿ ನಿಗದಿ ಪಡಿಸಿದ ಟ್ರಿಗ್ಗರ್‌ಗಳ ಅನ್ವಯ ಅರ್ಹ ರೈತರಿಗೆ ವಿಮಾ ಪರಿಹಾರ ದೊರೆಯಲಿದೆ. ರೈತರು ಸಂಬಂಧಪಟ್ಟ ಹೋಬಳಿ ಮಟ್ಟದ ತೋಟಗಾರಿಕೆ ಕಚೇರಿ ಅಥವಾ ಸಂಬಂಧಪಟ್ಟ ವಿಮಾ ಸಂಸ್ಥೆಯ ಕಚೇರಿ (Agriculture Insurance Company Toll Free No: 1800–425–0505)ಗೆ 72 ಗಂಟೆಯೊಳಗೆ ತಿಳಿಸಬೇಕು. ಹೆಚ್ಚಿನ ಮಾಹಿತಿಗಾಗಿ ಸಂಬಂಧಪಟ್ಟ ವಿಮೆ ಮಾಡಿಸಿದ ಬೆಳೆಯ ವಿವರಗಳನ್ನು ನೀಡಿ ಸಹಾಯವಾಣಿ ಸಂಪರ್ಕಿಸಬಹುದು.

ಸಮಯದೊಳಗೆ ತಿಳಿಸಬೇಕು. ಅಡಿಕೆ ಬೆಳೆಯನ್ನು ನೋಂದಾಯಿಸಲು ಜೂನ್ 30 ಹಾಗೂ ಮಾವು ಬೆಳೆಗೆ ನೋಂದಾಯಿಸಿಕೊಳ್ಳಲು ಜುಲೈ 31 ಕಡೆಯ ದಿನವಾಗಿದೆ. ಹೆಚ್ಚಿನ ಮಾಹಿತಿಗಾಗಿ ರೈತರು ಹೋಬಳಿವಾರು ರೈತ ಸಂಪರ್ಕ ಕೇಂದ್ರದ ಸಹಾಯಕ ತೋಟಗಾರಿಕೆ ಅಧಿಕಾರಿ ಕೋರ-8970870918, ಹೆಬ್ಬೂರು-7338242328, ಬೆಳ್ಳಾವಿ-8970870918, ಗೂಳೂರು-7338242328, ಊರ್ಡಿಗೆರೆ-8197516149, ಕಸಬಾ-8197516149ನ್ನು ಸಂಪರ್ಕಿಸಬಹುದಾಗಿದೆ ಎಂದು ಅವರು ತಿಳಿಸಿದ್ದಾರೆ.
